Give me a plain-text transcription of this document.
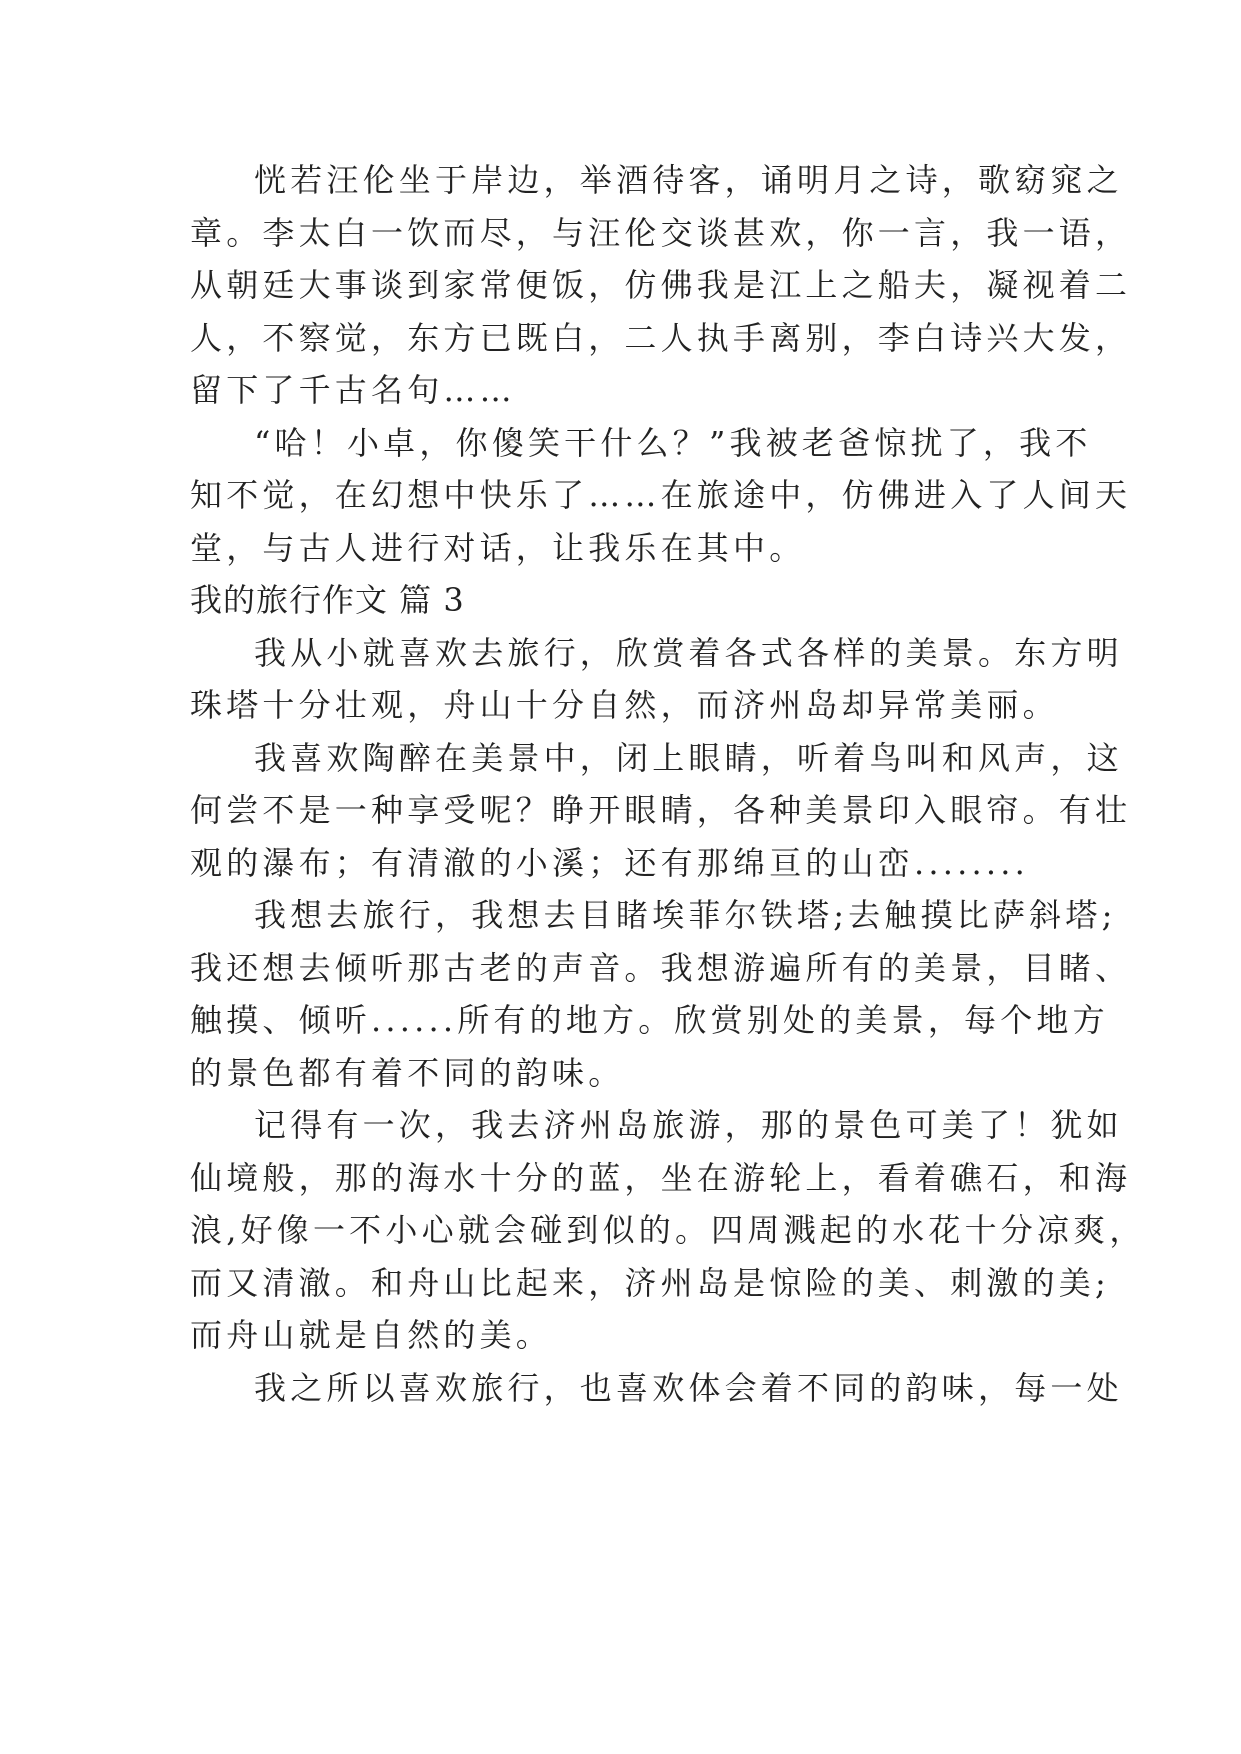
恍若汪伦坐于岸边，举酒待客，诵明月之诗，歌窈窕之
章。李太白一饮而尽，与汪伦交谈甚欢，你一言，我一语，
从朝廷大事谈到家常便饭，仿佛我是江上之船夫，凝视着二
人，不察觉，东方已既白，二人执手离别，李白诗兴大发，
留下了千古名句……
“哈！小卓，你傻笑干什么？”我被老爸惊扰了，我不
知不觉，在幻想中快乐了……在旅途中，仿佛进入了人间天
堂，与古人进行对话，让我乐在其中。
我的旅行作文 篇 3
我从小就喜欢去旅行，欣赏着各式各样的美景。东方明
珠塔十分壮观，舟山十分自然，而济州岛却异常美丽。
我喜欢陶醉在美景中，闭上眼睛，听着鸟叫和风声，这
何尝不是一种享受呢？睁开眼睛，各种美景印入眼帘。有壮
观的瀑布；有清澈的小溪；还有那绵亘的山峦........
我想去旅行，我想去目睹埃菲尔铁塔;去触摸比萨斜塔;
我还想去倾听那古老的声音。我想游遍所有的美景，目睹、
触摸、倾听......所有的地方。欣赏别处的美景，每个地方
的景色都有着不同的韵味。
记得有一次，我去济州岛旅游，那的景色可美了！犹如
仙境般，那的海水十分的蓝，坐在游轮上，看着礁石，和海
浪,好像一不小心就会碰到似的。四周溅起的水花十分凉爽，
而又清澈。和舟山比起来，济州岛是惊险的美、刺激的美;
而舟山就是自然的美。
我之所以喜欢旅行，也喜欢体会着不同的韵味，每一处
